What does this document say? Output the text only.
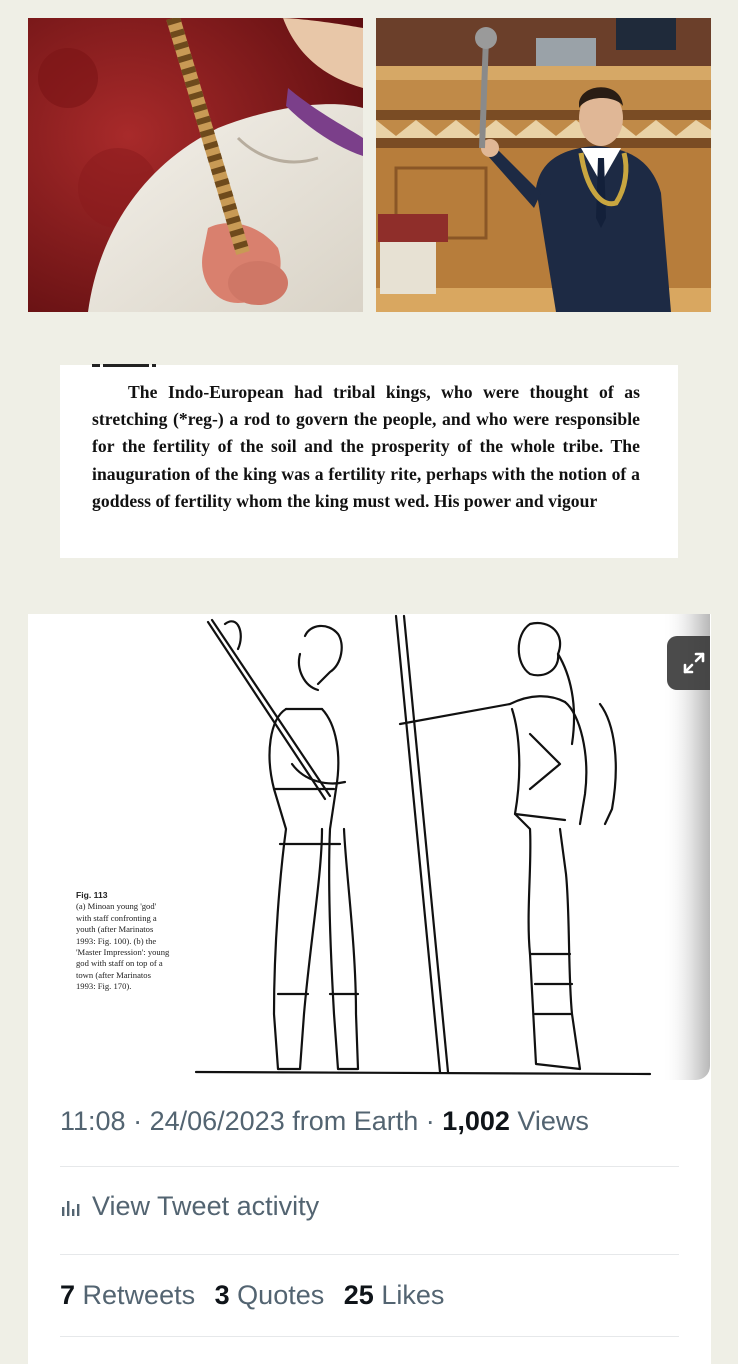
The Indo-European had tribal kings, who were thought of as stretching (*reg-) a rod to govern the people, and who were responsible for the fertility of the soil and the prosperity of the whole tribe. The inauguration of the king was a fertility rite, perhaps with the notion of a goddess of fertility whom the king must wed. His power and vigour

Fig. 113
(a) Minoan young 'god' with staff confronting a youth (after Marinatos 1993: Fig. 100). (b) the 'Master Impression': young god with staff on top of a town (after Marinatos 1993: Fig. 170).
11:08 · 24/06/2023 from Earth · 1,002 Views
View Tweet activity
7 Retweets 3 Quotes 25 Likes
